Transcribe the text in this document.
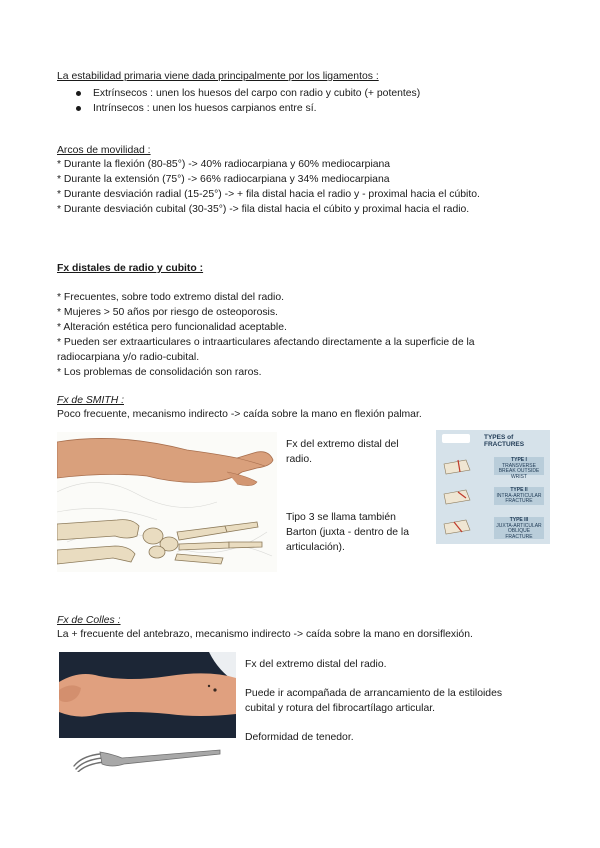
La estabilidad primaria viene dada principalmente por los ligamentos :
Extrínsecos : unen los huesos del carpo con radio y cubito (+ potentes)
Intrínsecos : unen los huesos carpianos entre sí.
Arcos de movilidad :
* Durante la flexión (80-85°) -> 40% radiocarpiana y 60% mediocarpiana
* Durante la extensión (75°) -> 66% radiocarpiana y 34% mediocarpiana
* Durante desviación radial (15-25°) -> + fila distal hacia el radio y - proximal hacia el cúbito.
* Durante desviación cubital (30-35°) -> fila distal hacia el cúbito y proximal hacia el radio.
Fx distales de radio y cubito :
* Frecuentes, sobre todo extremo distal del radio.
* Mujeres > 50 años por riesgo de osteoporosis.
* Alteración estética pero funcionalidad aceptable.
* Pueden ser extraarticulares o intraarticulares afectando directamente a la superficie de la
radiocarpiana y/o radio-cubital.
* Los problemas de consolidación son raros.
Fx de SMITH :
Poco frecuente, mecanismo indirecto -> caída sobre la mano en flexión palmar.
Fx del extremo distal del
radio.
Tipo 3 se llama también
Barton (juxta - dentro de la
articulación).
TYPES of
FRACTURES
TYPE I
TRANSVERSE BREAK OUTSIDE WRIST
TYPE II
INTRA-ARTICULAR FRACTURE
TYPE III
JUXTA-ARTICULAR OBLIQUE FRACTURE
Fx de Colles :
La + frecuente del antebrazo, mecanismo indirecto -> caída sobre la mano en dorsiflexión.
Fx del extremo distal del radio.
Puede ir acompañada de arrancamiento de la estiloides
cubital y rotura del fibrocartílago articular.
Deformidad de tenedor.
